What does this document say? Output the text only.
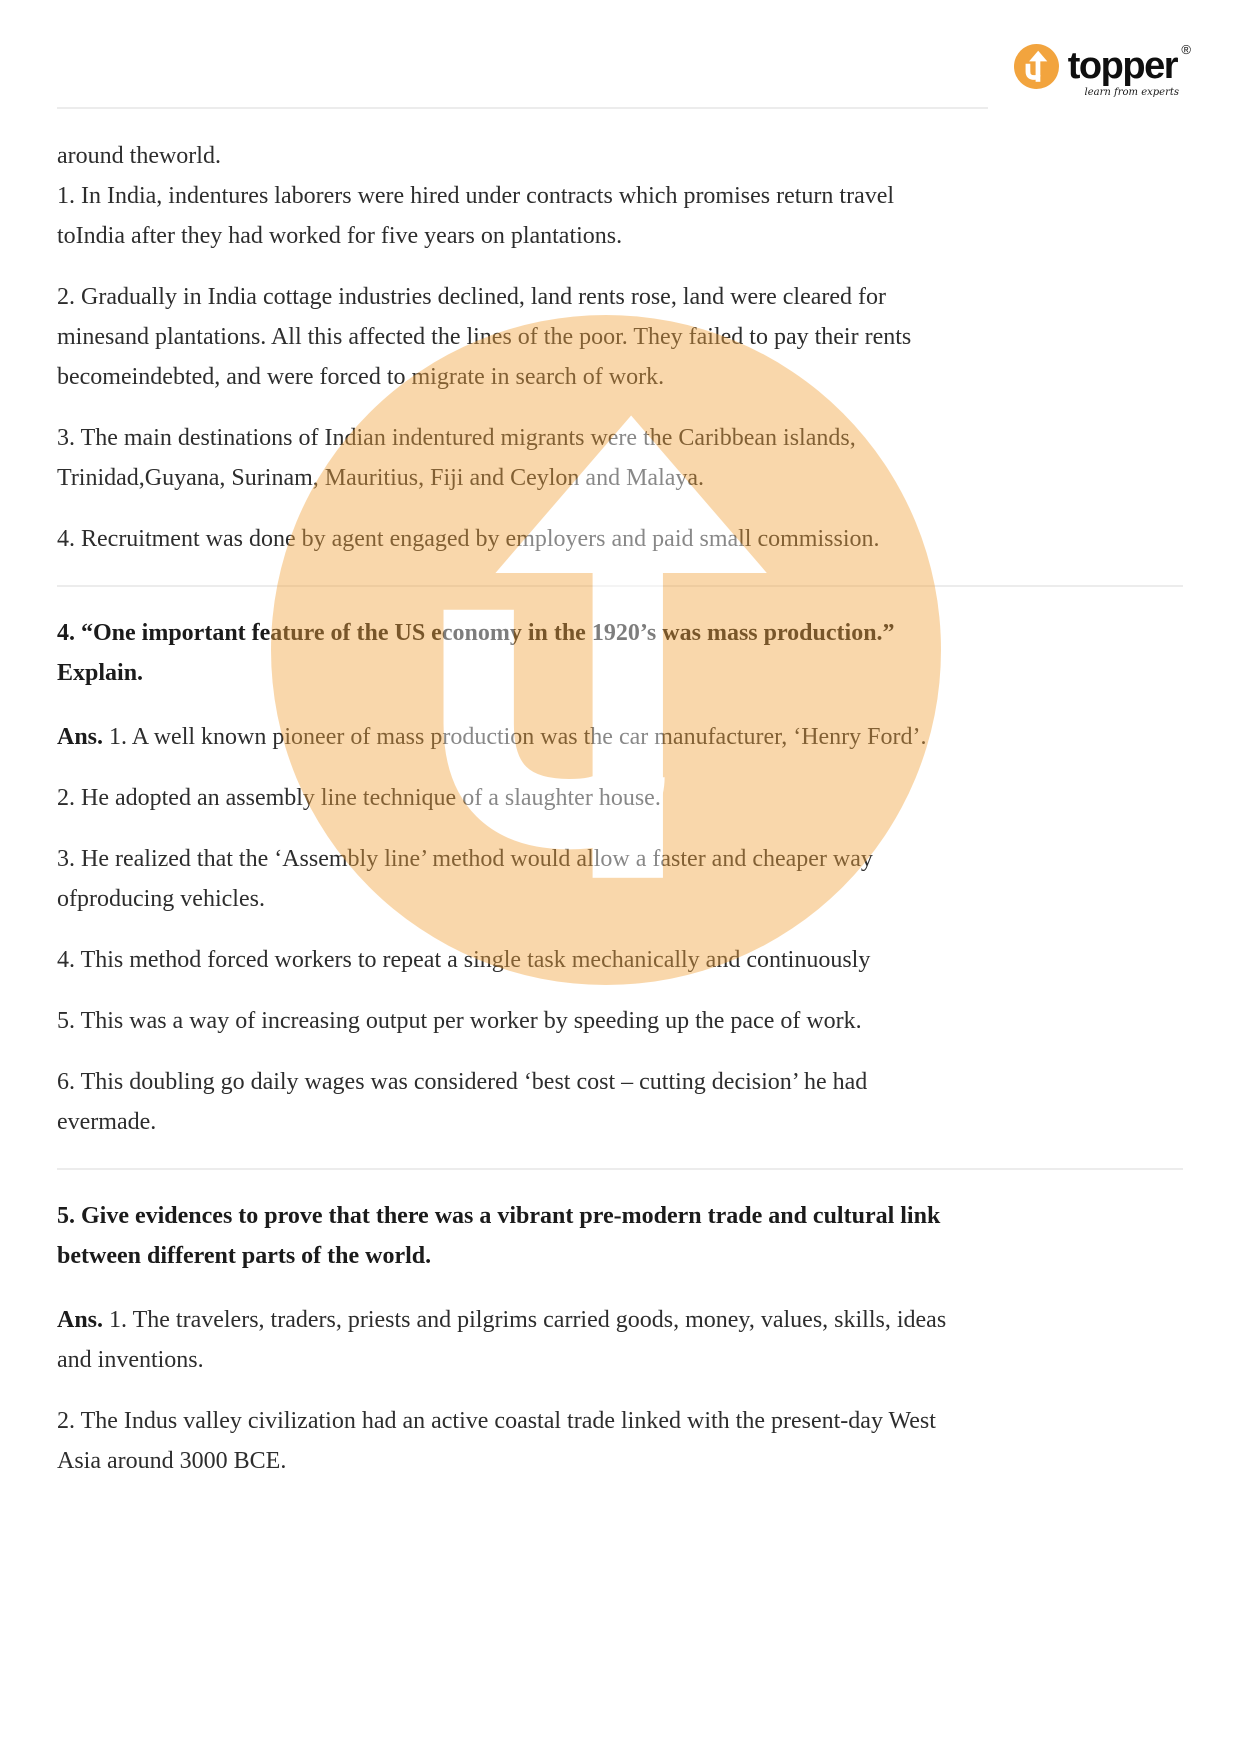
topper ®
learn from experts

around theworld.

1. In India, indentures laborers were hired under contracts which promises return travel
toIndia after they had worked for five years on plantations.

2. Gradually in India cottage industries declined, land rents rose, land were cleared for
minesand plantations. All this affected the lines of the poor. They failed to pay their rents
becomeindebted, and were forced to migrate in search of work.

3. The main destinations of Indian indentured migrants were the Caribbean islands,
Trinidad,Guyana, Surinam, Mauritius, Fiji and Ceylon and Malaya.

4. Recruitment was done by agent engaged by employers and paid small commission.

4. “One important feature of the US economy in the 1920’s was mass production.”
Explain.

Ans. 1. A well known pioneer of mass production was the car manufacturer, ‘Henry Ford’.

2. He adopted an assembly line technique of a slaughter house.

3. He realized that the ‘Assembly line’ method would allow a faster and cheaper way
ofproducing vehicles.

4. This method forced workers to repeat a single task mechanically and continuously

5. This was a way of increasing output per worker by speeding up the pace of work.

6. This doubling go daily wages was considered ‘best cost – cutting decision’ he had
evermade.

5. Give evidences to prove that there was a vibrant pre-modern trade and cultural link
between different parts of the world.

Ans. 1. The travelers, traders, priests and pilgrims carried goods, money, values, skills, ideas
and inventions.

2. The Indus valley civilization had an active coastal trade linked with the present-day West
Asia around 3000 BCE.
